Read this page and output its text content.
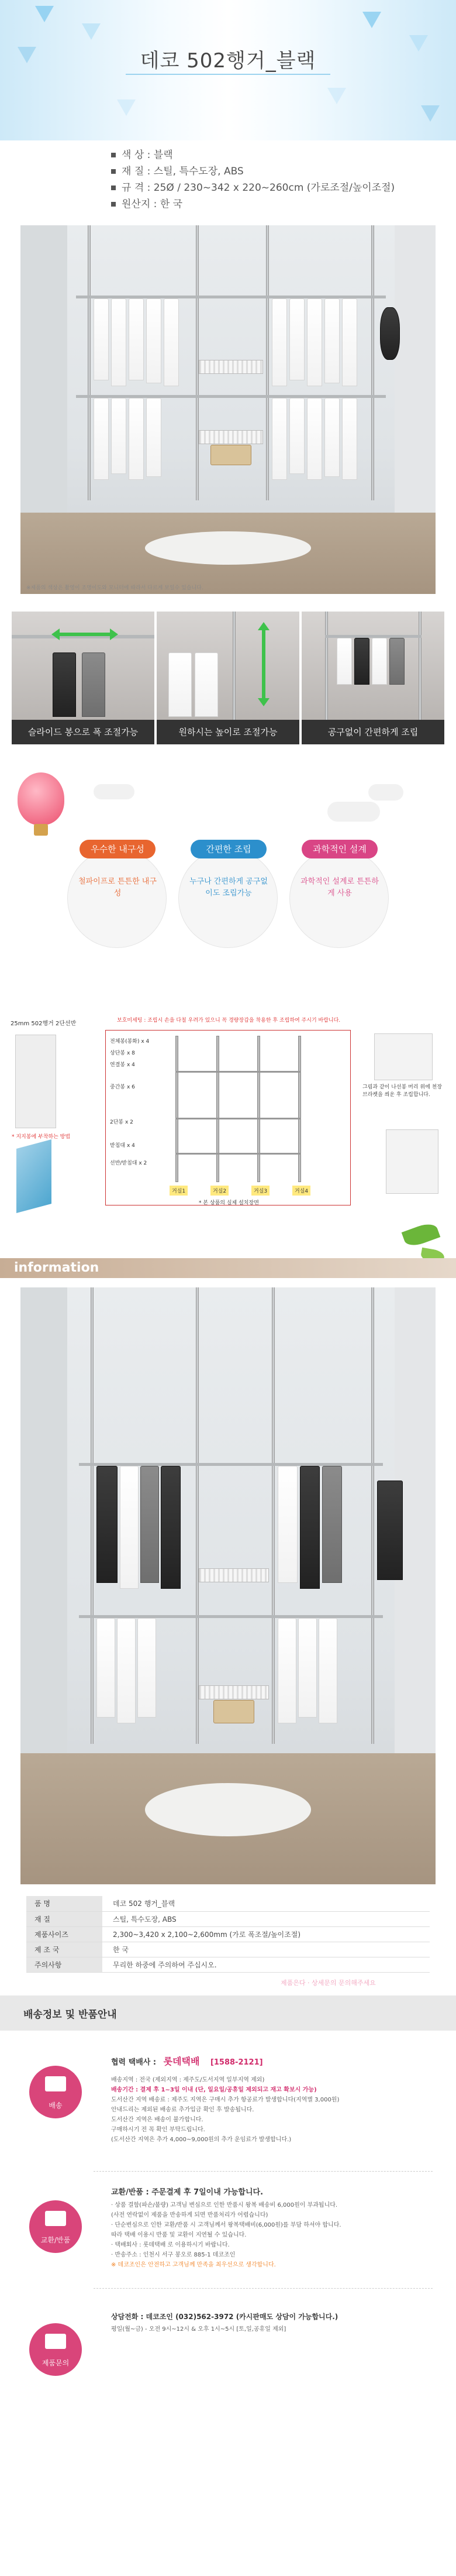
데코 502행거_블랙
색 상 : 블랙
재 질 : 스틸, 특수도장, ABS
규 격 : 25Ø / 230~342 x 220~260cm (가로조절/높이조절)
원산지 : 한 국
※제품의 색상은 촬영이 조명이도와 모니터에 따라서 다르게 보일수 있습니다.
슬라이드 봉으로 폭 조절가능	원하시는 높이로 조절가능	공구없이 간편하게 조립
우수한 내구성
철파이프로 튼튼한 내구성
간편한 조립
누구나 간편하게 공구없이도 조립가능
과학적인 설계
과학적인 설계로 튼튼하게 사용
25mm 502행거 2단선반	보호미세팅 : 조립시 손을 다칠 우려가 있으니 꼭 경량장갑을 착용한 후 조립하여 주시기 바랍니다.
* 지지봉에 부착하는 방법
전체봉(봉화) x 4
상단봉 x 8
연결봉 x 4
중간봉 x 6
2단봉 x 2
받침대 x 4
선반/받침대 x 2
거실1	거실2	거실3	거실4
* 본 상품의 실제 설치장면
그림과 같이 나선봉 머리 위에 천장브라켓을 씌운 후 조립합니다.
information
품 명	데코 502 행거_블랙
재 질	스틸, 특수도장, ABS
제품사이즈	2,300~3,420 x 2,100~2,600mm (가로 폭조절/높이조절)
제 조 국	한 국
주의사항	무리한 하중에 주의하여 주십시오.
제품은다 · 상세문의 문의해주세요
배송정보 및 반품안내
협력 택배사 : 롯데택배 [1588-2121]
배송
배송지역 : 전국 (제외지역 : 제주도/도서지역 일부지역 제외)
배송기간 : 결제 후 1~3일 이내 (단, 일요일/공휴일 제외되고 재고 확보시 가능)
도서산간 지역 배송료 : 제주도 지역은 구매시 추가 항공료가 발생합니다(지역별 3,000원)
안내드리는 제외된 배송료 추가입금 확인 후 발송됩니다.
도서산간 지역은 배송이 불가합니다.
구매하시기 전 꼭 확인 부탁드립니다.
(도서산간 지역은 추가 4,000~9,000원의 추가 운임료가 발생합니다.)
교환/반품 : 주문결제 후 7일이내 가능합니다.
교환/반품
· 상품 결함(파손/불량) 고객님 변심으로 인한 반품시 왕복 배송비 6,000원이 부과됩니다.
(사전 연락없이 제품을 반송하게 되면 반품처리가 어렵습니다)
· 단순변심으로 인한 교환/반품 시 고객님께서 왕복택배비(6,000원)를 부담 하셔야 합니다.
따라 택배 이용시 반품 및 교환이 지연될 수 있습니다.
· 택배회사 : 롯데택배 로 이용하시기 바랍니다.
· 반송주소 : 인천시 서구 봉오로 885-1 데코조인
※ 데코조인은 안전하고 고객님께 만족을 최우선으로 생각합니다.
상담전화 : 데코조인 (032)562-3972 (카시판매도 상담이 가능합니다.)
제품문의
평일(월~금) - 오전 9시~12시 & 오후 1시~5시 [토,일,공휴일 제외]
